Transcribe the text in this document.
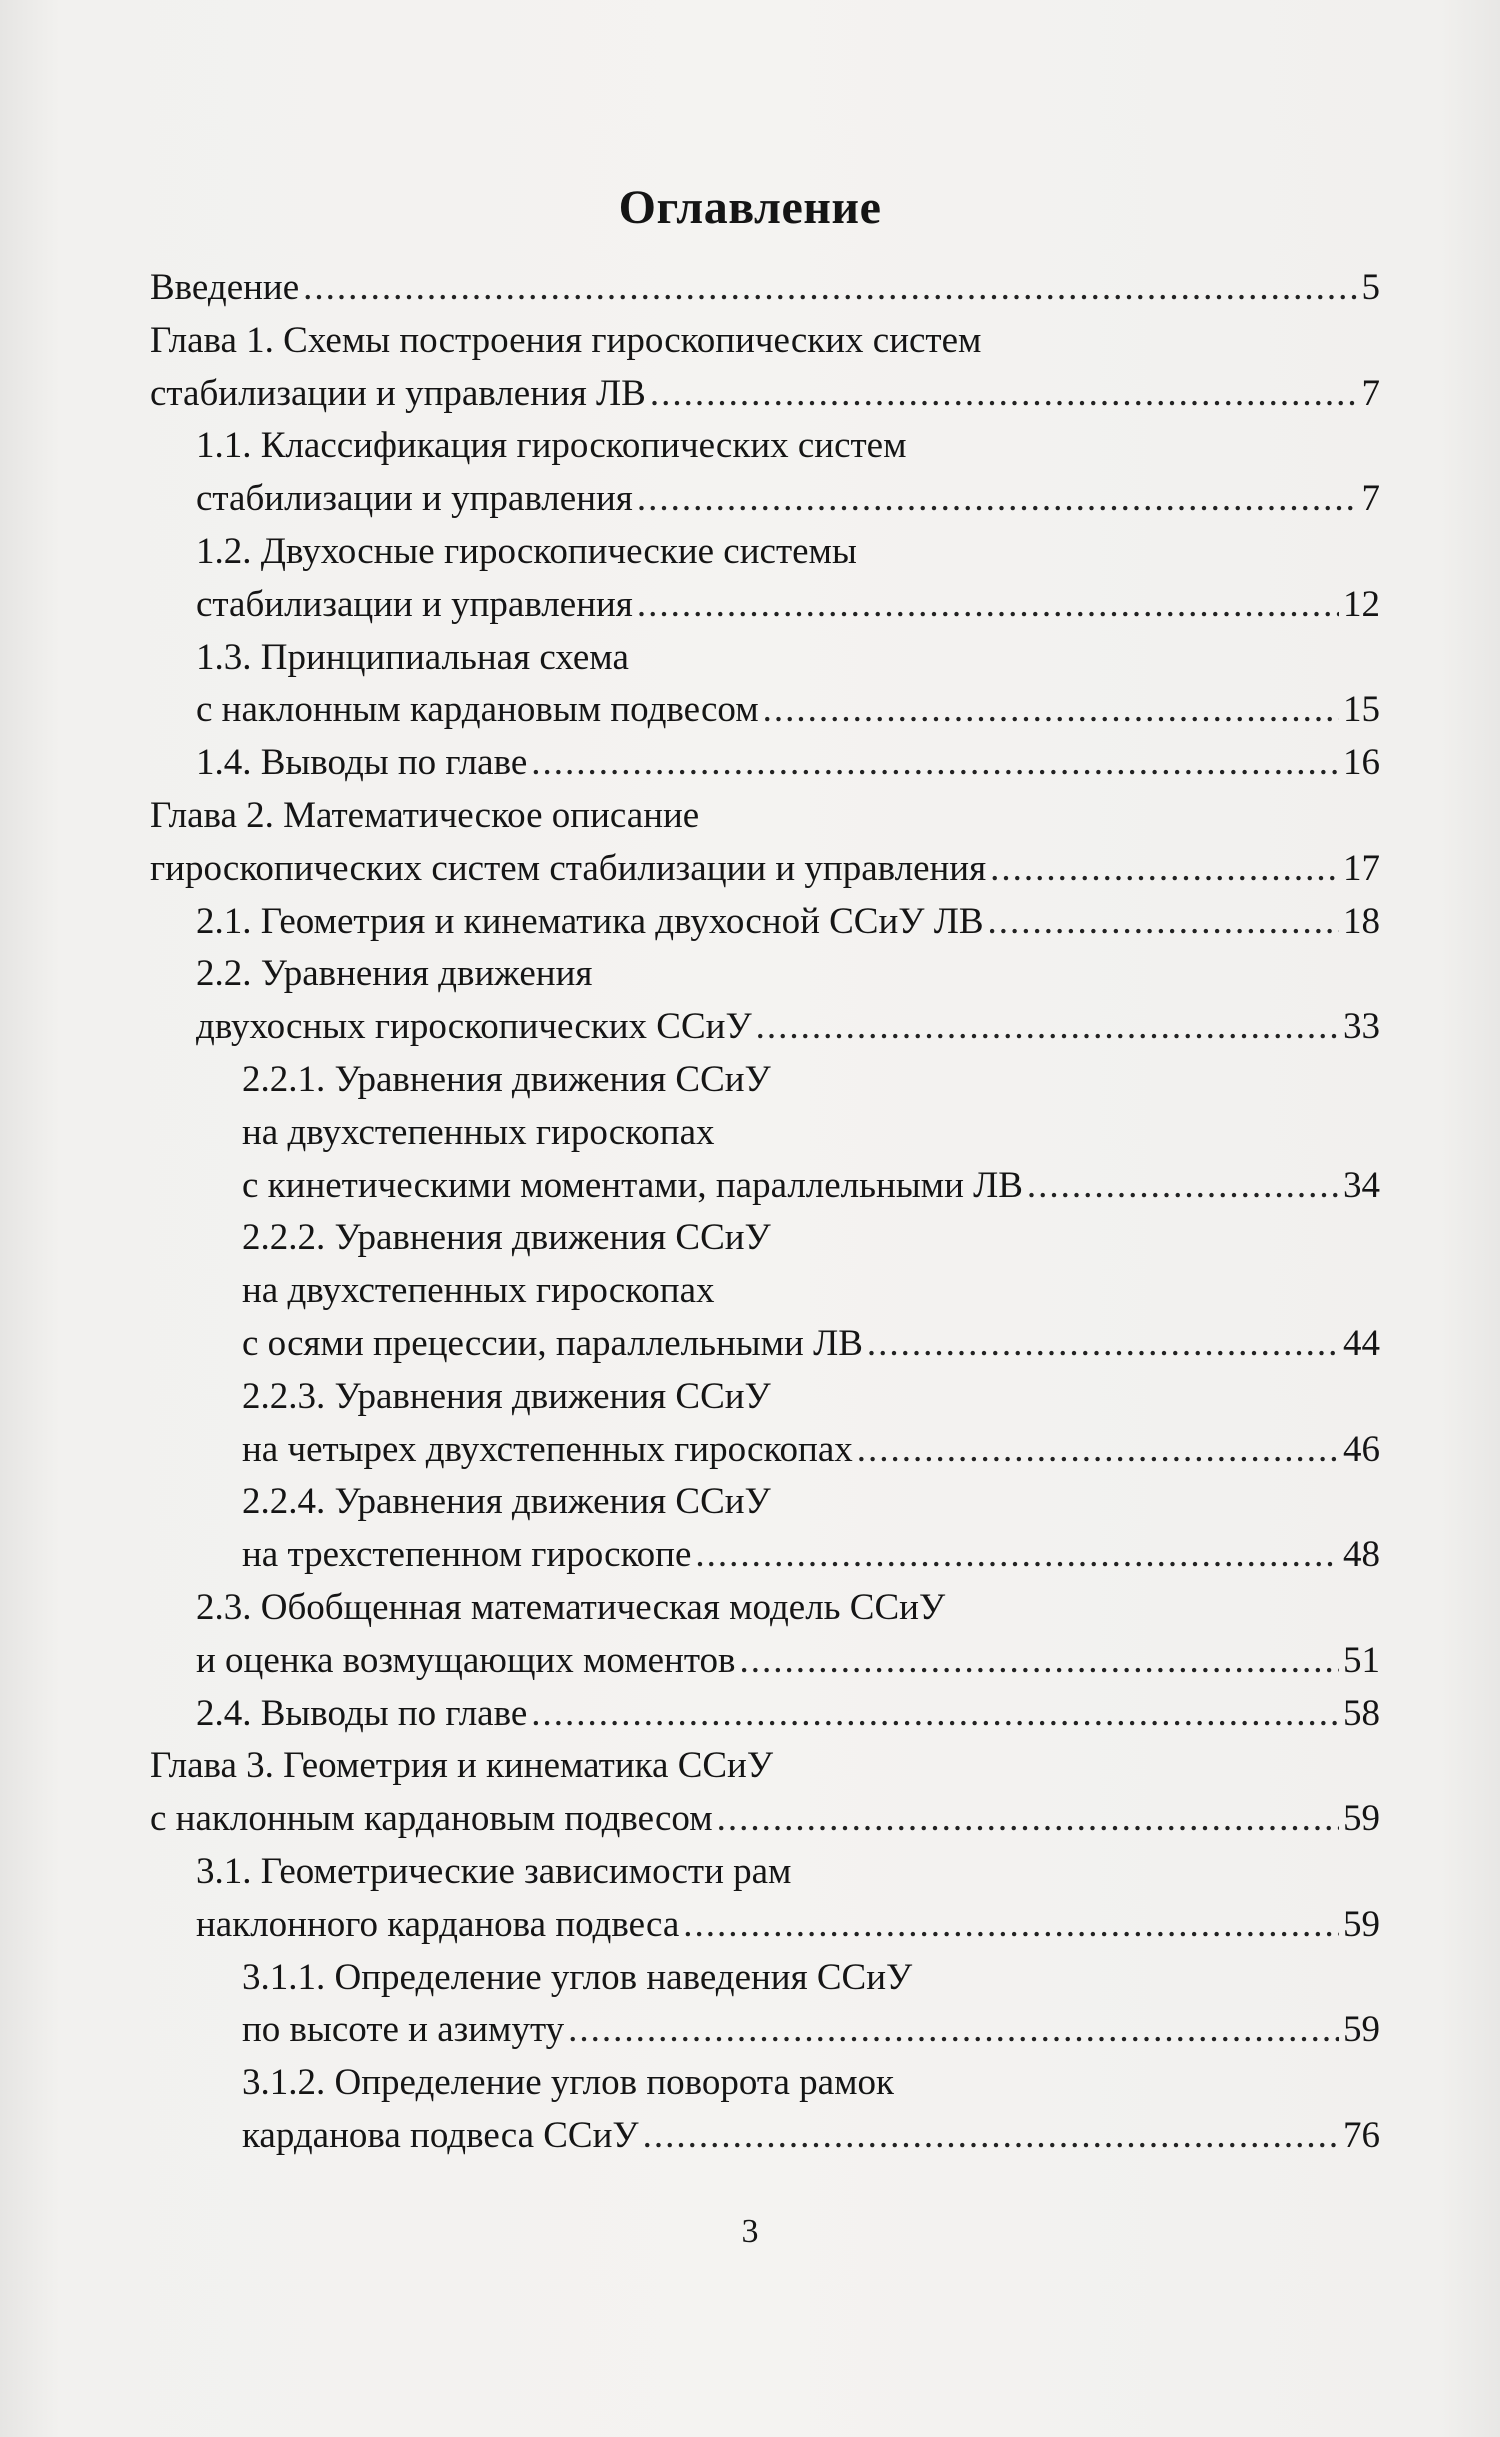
Оглавление
Введение .....	5
Глава 1. Схемы построения гироскопических систем
стабилизации и управления ЛВ .....	7
1.1. Классификация гироскопических систем
стабилизации и управления .....	7
1.2. Двухосные гироскопические системы
стабилизации и управления .....	12
1.3. Принципиальная схема
с наклонным кардановым подвесом .....	15
1.4. Выводы по главе .....	16
Глава 2. Математическое описание
гироскопических систем стабилизации и управления .....	17
2.1. Геометрия и кинематика двухосной ССиУ ЛВ .....	18
2.2. Уравнения движения
двухосных гироскопических ССиУ .....	33
2.2.1. Уравнения движения ССиУ
на двухстепенных гироскопах
с кинетическими моментами, параллельными ЛВ .....	34
2.2.2. Уравнения движения ССиУ
на двухстепенных гироскопах
с осями прецессии, параллельными ЛВ .....	44
2.2.3. Уравнения движения ССиУ
на четырех двухстепенных гироскопах .....	46
2.2.4. Уравнения движения ССиУ
на трехстепенном гироскопе .....	48
2.3. Обобщенная математическая модель ССиУ
и оценка возмущающих моментов .....	51
2.4. Выводы по главе .....	58
Глава 3. Геометрия и кинематика ССиУ
с наклонным кардановым подвесом .....	59
3.1. Геометрические зависимости рам
наклонного карданова подвеса .....	59
3.1.1. Определение углов наведения ССиУ
по высоте и азимуту .....	59
3.1.2. Определение углов поворота рамок
карданова подвеса ССиУ .....	76
3
